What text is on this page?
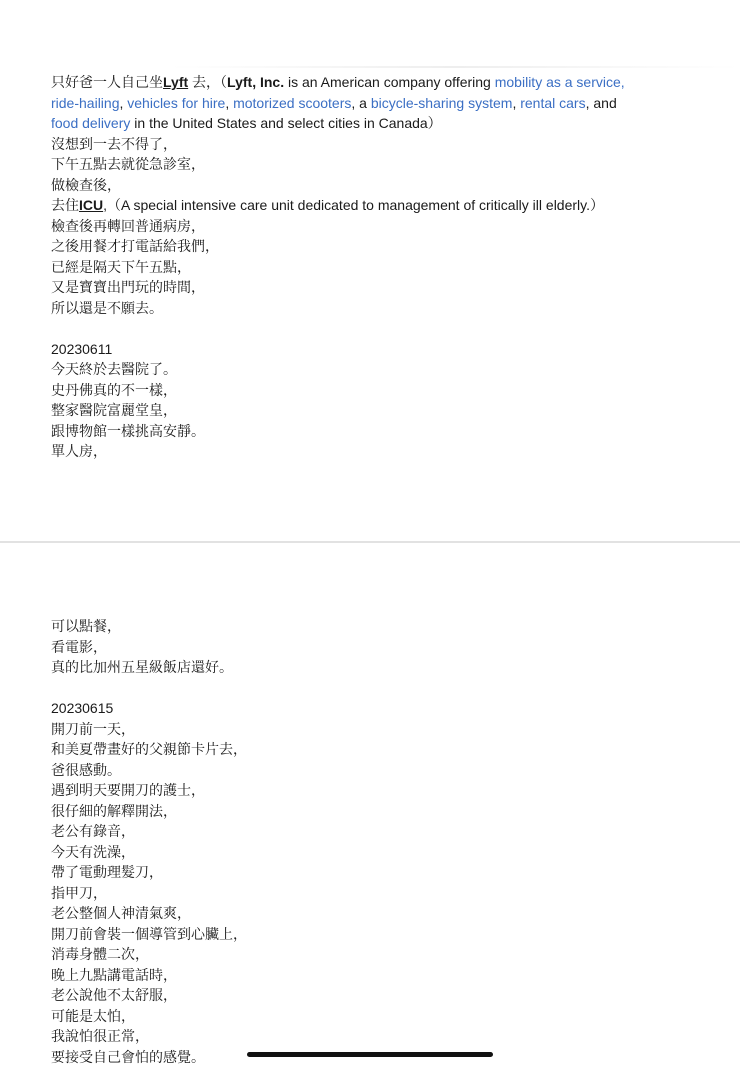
只好爸一人自己坐Lyft 去，（Lyft, Inc. is an American company offering mobility as a service,
ride-hailing, vehicles for hire, motorized scooters, a bicycle-sharing system, rental cars, and
food delivery in the United States and select cities in Canada）
沒想到一去不得了，
下午五點去就從急診室，
做檢查後，
去住ICU,（A special intensive care unit dedicated to management of critically ill elderly.）
檢查後再轉回普通病房，
之後用餐才打電話給我們，
已經是隔天下午五點，
又是寶寶出門玩的時間，
所以還是不願去。
20230611
今天終於去醫院了。
史丹佛真的不一樣，
整家醫院富麗堂皇，
跟博物館一樣挑高安靜。
單人房，
可以點餐，
看電影，
真的比加州五星級飯店還好。
20230615
開刀前一天，
和美夏帶畫好的父親節卡片去，
爸很感動。
遇到明天要開刀的護士，
很仔細的解釋開法，
老公有錄音，
今天有洗澡，
帶了電動理髮刀，
指甲刀，
老公整個人神清氣爽，
開刀前會裝一個導管到心臟上，
消毒身體二次，
晚上九點講電話時，
老公說他不太舒服，
可能是太怕，
我說怕很正常，
要接受自己會怕的感覺。
